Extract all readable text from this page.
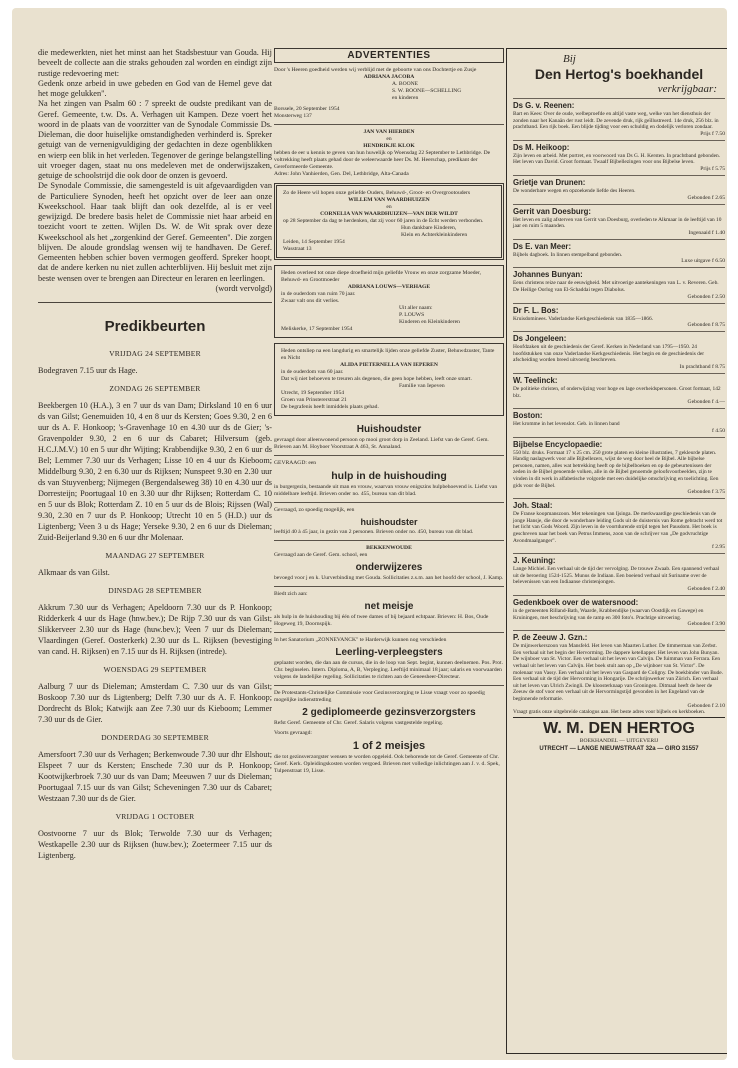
die medewerkten, niet het minst aan het Stadsbestuur van Gouda. Hij beveelt de collecte aan die straks gehouden zal worden en eindigt zijn rustige redevoering met:

Gedenk onze arbeid in uwe gebeden en God van de Hemel geve dat het moge gelukken".

Na het zingen van Psalm 60 : 7 spreekt de oudste predikant van de Geref. Gemeente, t.w. Ds. A. Verhagen uit Kampen. Deze voert het woord in de plaats van de voorzitter van de Synodale Commissie Ds. Dieleman, die door huiselijke omstandigheden verhinderd is. Spreker getuigt van de vernenigvuldiging der gedachten in deze ogenblikken en wierp een blik in het verleden. Tegenover de geringe belangstelling uit vroeger dagen, staat nu ons medeleven met de onderwijszaken, getuige de schoolstrijd die ook door de onzen is gevoerd.

De Synodale Commissie, die samengesteld is uit afgevaardigden van de Particuliere Synoden, heeft het opzicht over de leer aan onze Kweekschool. Haar taak blijft dan ook dezelfde, al is er veel gewijzigd. De bredere basis helet de Commissie niet haar arbeid en toezicht voort te zetten. Wijlen Ds. W. de Wit sprak over deze Kweekschool als het „zorgenkind der Geref. Gemeenten". Die zorgen blijven. De aloude grondslag wensen wij te handhaven. De Geref. Gemeenten hebben schier boven vermogen geofferd. Spreker hoopt, dat de andere kerken nu niet zullen achterblijven. Hij besluit met zijn beste wensen over te brengen aan Directeur en leraren en leerlingen.

(wordt vervolgd)

Predikbeurten
VRIJDAG 24 SEPTEMBER

Bodegraven 7.15 uur ds Hage.

ZONDAG 26 SEPTEMBER

Beekbergen 10 (H.A.), 3 en 7 uur ds van Dam; Dirksland 10 en 6 uur ds van Gilst; Genemuiden 10, 4 en 8 uur ds Kersten; Goes 9.30, 2 en 6 uur ds A. F. Honkoop; 's-Gravenhage 10 en 4.30 uur ds de Gier; 's-Gravenpolder 9.30, 2 en 6 uur ds Cabaret; Hilversum (geb. H.C.J.M.V.) 10 en 5 uur dhr Wijting; Krabbendijke 9.30, 2 en 6 uur ds Bel; Lemmer 7.30 uur ds Verhagen; Lisse 10 en 4 uur ds Kieboom; Middelburg 9.30, 2 en 6.30 uur ds Rijksen; Nunspeet 9.30 en 2.30 uur ds van Stuyvenberg; Nijmegen (Bergendalseweg 38) 10 en 4.30 uur ds Dorresteijn; Poortugaal 10 en 3.30 uur dhr Rijksen; Rotterdam C. 10 en 5 uur ds Blok; Rotterdam Z. 10 en 5 uur ds de Blois; Rijssen (Wal) 9.30, 2.30 en 7 uur ds P. Honkoop; Utrecht 10 en 5 (H.D.) uur ds Ligtenberg; Veen 3 u ds Hage; Yerseke 9.30, 2 en 6 uur ds Dieleman; Zuid-Beijerland 9.30 en 6 uur dhr Molenaar.

MAANDAG 27 SEPTEMBER

Alkmaar ds van Gilst.

DINSDAG 28 SEPTEMBER

Akkrum 7.30 uur ds Verhagen; Apeldoorn 7.30 uur ds P. Honkoop; Ridderkerk 4 uur ds Hage (hnw.bev.); De Rijp 7.30 uur ds van Gilst; Slikkerveer 2.30 uur ds Hage (huw.bev.); Veen 7 uur ds Dieleman; Vlaardingen (Geref. Oosterkerk) 2.30 uur ds L. Rijksen (bevestiging van cand. H. Rijksen) en 7.15 uur ds H. Rijksen (intrede).

WOENSDAG 29 SEPTEMBER

Aalburg 7 uur ds Dieleman; Amsterdam C. 7.30 uur ds van Gilst; Boskoop 7.30 uur ds Ligtenberg; Delft 7.30 uur ds A. F. Honkoop; Dordrecht ds Blok; Katwijk aan Zee 7.30 uur ds Kieboom; Lemmer 7.30 uur ds de Gier.

DONDERDAG 30 SEPTEMBER

Amersfoort 7.30 uur ds Verhagen; Berkenwoude 7.30 uur dhr Elshout; Elspeet 7 uur ds Kersten; Enschede 7.30 uur ds P. Honkoop; Kootwijkerbroek 7.30 uur ds van Dam; Meeuwen 7 uur ds Dieleman; Poortugaal 7.15 uur ds van Gilst; Scheveningen 7.30 uur ds Cabaret; Westzaan 7.30 uur ds de Gier.

VRIJDAG 1 OCTOBER

Oostvoorne 7 uur ds Blok; Terwolde 7.30 uur ds Verhagen; Westkapelle 2.30 uur ds Rijksen (huw.bev.); Zoetermeer 7.15 uur ds Ligtenberg.

ADVERTENTIES

Door 's Heeren goedheid werden wij verblijd met de geboorte van ons Dochtertje en Zusje

ADRIANA JACOBA

A. BOONE

S. W. BOONE—SCHELLING

en kinderen

Borssele, 20 September 1954

Monsterweg 137

JAN VAN HIERDEN

en

HENDRIKJE KLOK

hebben de eer u kennis te geven van hun huwelijk op Woensdag 22 September te Lethbridge. De voltrekking heeft plaats gehad door de weleerwaarde heer Ds. M. Heerschap, predikant der Gereformeerde Gemeente.

Adres: John Vanhierden, Gen. Del, Lethbridge, Alta-Canada

Zo de Heere wil hopen onze geliefde Ouders, Behuwd-, Groot- en Overgrootouders

WILLEM VAN WAARDHUIZEN

en

CORNELIA VAN WAARDHUIZEN—VAN DER WILDT

op 28 September da dag te herdenken, dat zij voor 60 jaren in de Echt werden verbonden.

Hun dankbare Kinderen,

Klein en Achterkleinkinderen

Leiden, 14 September 1954

Wasstraat 13

Heden overleed tot onze diepe droefheid mijn geliefde Vrouw en onze zorgzame Moeder, Behuwd- en Grootmoeder

ADRIANA LOUWS—VERHAGE

in de ouderdom van ruim 70 jaar.

Zwaar valt ons dit verlies.

Uit aller naam:

P. LOUWS

Kinderen en Kleinkinderen

Meliskerke, 17 September 1954

Heden ontsliep na een langdurig en smartelijk lijden onze geliefde Zuster, Behuwdzuster, Tante en Nicht

ALIDA PIETERNELLA VAN IEPEREN

in de ouderdom van 60 jaar.

Dat wij niet behoeven te treuren als degenen, die geen hope hebben, leeft onze smart.

Familie van Iepeven

Utrecht, 19 September 1954

Groen van Prinstererstraat 21

De begrafenis heeft inmiddels plaats gehad.

Huishoudster

gevraagd door alleenwonend persoon op mooi groot dorp in Zeeland. Liefst van de Geref. Gem. Brieven aan M. Hoyboer Voorstraat A 463, St. Annaland.

GEVRAAGD: een

hulp in de huishouding

in burgergezin, bestaande uit man en vrouw, waarvan vrouw enigszins hulpbehoevend is. Liefst van middelbare leeftijd. Brieven onder no. 455, bureau van dit blad.

Gevraagd, zo spoedig mogelijk, een

huishoudster

leeftijd 40 à 45 jaar, in gezin van 2 personen. Brieven onder no. 450, bureau van dit blad.

BEKKENWOUDE

Gevraagd aan de Geref. Gem. school, een

onderwijzeres

bevoegd voor j en k. Uurverbinding met Gouda. Sollicitaties z.s.m. aan het hoofd der school, J. Kamp.

Biedt zich aan:

net meisje

als hulp in de huishouding bij één of twee dames of bij bejaard echtpaar. Brieven: H. Bos, Oude Hogeweg 19, Doornspijk.

In het Sanatorium „ZONNEVANCK" te Harderwijk kunnen nog verschieden

Leerling-verpleegsters

geplaatst worden, die dan aan de cursus, die in de loop van Sept. begint, kunnen deelnemen. Pos. Prot. Chr. beginselen. Intern. Diploma, A, B, Verpleging. Leeftijd minimaal 18 jaar; salaris en voorwaarden volgens de landelijke regeling. Sollicitaties te richten aan de Geneesheer-Directeur.

De Protestants-Christelijke Commissie voor Gezinsverzorging te Lisse vraagt voor zo spoedig mogelijke indiensttreding

2 gediplomeerde gezinsverzorgsters

Refst Geref. Gemeente of Chr. Geref. Salaris volgens vastgestelde regeling.

Voorts gevraagd:

1 of 2 meisjes

die tot gezinsverzorgster wensen te worden opgeleid. Ook behorende tot de Geref. Gemeente of Chr. Geref. Kerk. Opleidingskosten worden vergoed. Brieven met volledige inlichtingen aan J. v. d. Spek, Tulpenstraat 19, Lisse.

Bij
Den Hertog's boekhandel
verkrijgbaar:
Ds G. v. Reenen:

Bart en Kees: Over de oude, welbeproefde en altijd vaste weg, welke van het diensthuis der zonden naar het Kanaän der rust leidt. De zevende druk, rijk geïllustreerd. 14e druk, 256 blz. in prachtband. Een rijk boek. Een blijde tijding voor een schuldig en dodelijk verloren zondaar.

Prijs f 7.50

Ds M. Heikoop:

Zijn leven en arbeid. Met portret, en voorwoord van Ds G. H. Kersten. In prachtband gebonden. Het leven van David. Groot formaat. Twaalf Bijbellezingen voor ons Bijbelse leven.

Prijs f 5.75

Grietje van Drunen:

De wonderbare wegen en opzoekende liefde des Heeren.

Gebonden f 2.65

Gerrit van Doesburg:

Het leven en zalig afsterven van Gerrit van Doesburg, overleden te Alkmaar in de leeftijd van 10 jaar en ruim 5 maanden.

Ingenaaid f 1.40

Ds E. van Meer:

Bijbels dagboek. In linnen stempelband gebonden.

Luxe uitgave f 6.50

Johannes Bunyan:

Eens christens reize naar de eeuwigheid. Met uitvoerige aantekeningen van L. v. Reveren. Geb. De Heilige Oorlog van El-Schaddai tegen Diabolus.

Gebonden f 2.50

Dr F. L. Bos:

Kruisdominees. Vaderlandse Kerkgeschiedenis van 1835—1866.

Gebonden f 8.75

Ds Jongeleen:

Hoofdzaken uit de geschiedenis der Geref. Kerken in Nederland van 1795—1950. 24 hoofdstukken van onze Vaderlandse Kerkgeschiedenis. Het begin en de geschiedenis der afscheiding worden breed uitvoerig beschreven.

In prachtband f 8.75

W. Teelinck:

De politieke christen, of onderwijzing voor hoge en lage overheidspersonen. Groot formaat, 142 blz.

Gebonden f 4.—

Boston:

Het kromme in het levenslot. Geb. in linnen band

f 4.50

Bijbelse Encyclopaedie:

550 blz. druks. Formaat 17 x 25 cm. 250 grote platen en kleine illustraties, 7 gekleurde platen. Handig naslagwerk voor alle Bijbellezers, wijst de weg door heel de Bijbel. Alle bijbelse personen, namen, alles wat betrekking heeft op de bijbelboeken en op de gebeurtenissen der zeden in de Bijbel genoemde volken, alle in de Bijbel genoemde geloofsvoorbeelden, zijn te vinden in dit werk in alfabetische volgorde met een duidelijke omschrijving en toelichting. Een gids voor de Bijbel.

Gebonden f 3.75

Joh. Staal:

De Franse koopmanszoon. Met tekeningen van Ijsinga. De merkwaardige geschiedenis van de jonge Hansje, die door de wonderbare leiding Gods uit de duisternis van Rome gebracht werd tot het licht van Gods Woord. Zijn leven in de voortdurende strijd tegen het Pausdom. Het boek is geschreven naar het boek van Petrus Immens, zoon van de schrijver van „De godvruchtige Avondmaalganger".

f 2.95

J. Keuning:

Lange Michiel. Een verhaal uit de tijd der vervolging. De trouwe Zwaab. Een spannend verhaal uit de beroering 1524-1525. Munus de Indiaan. Een boeiend verhaal uit Suriname over de belevenissen van een Indiaanse christenjongen.

Gebonden f 2.40

Gedenkboek over de watersnood:

in de gemeenten Rilland-Bath, Waarde, Krabbendijke (waarvan Oostdijk en Gawege) en Kruiningen, met beschrijving van de ramp en 300 foto's. Prachtige uitvoering.

Gebonden f 3.90

P. de Zeeuw J. Gzn.:

De mijnwerkerszoon van Mansfeld. Het leven van Maarten Luther. De timmerman van Zerbst. Een verhaal uit het begin der Hervorming. De dappere ketellapper. Het leven van John Bunyan. De wijnboer van St. Victor. Een verhaal uit het leven van Calvijn. De fuimman van Ferrara. Een verhaal uit het leven van Calvijn. Het boek stuit aan op „De wijnboer van St. Victor". De molenaar van Vassy. Een verhaal uit het leven van Gaspard de Coligny. De boekbinder van Bude. Een verhaal uit de tijd der Hervorming in Hongarije. De schrijnwerker van Zürich. Een verhaal uit het leven van Ulrich Zwingli. De kloosterknaap van Groningen. Ditmaal heeft de heer de Zeeuw de stof voor een verhaal uit de Hervormingstijd gevonden in het Engeland van de beginnende reformatie.

Gebonden f 2.10

Vraagt gratis onze uitgebreide catalogus aan. Het beste adres voor bijbels en kerkboeken.

W. M. DEN HERTOG
BOEKHANDEL — UITGEVERIJ
UTRECHT — LANGE NIEUWSTRAAT 32a — GIRO 31557
